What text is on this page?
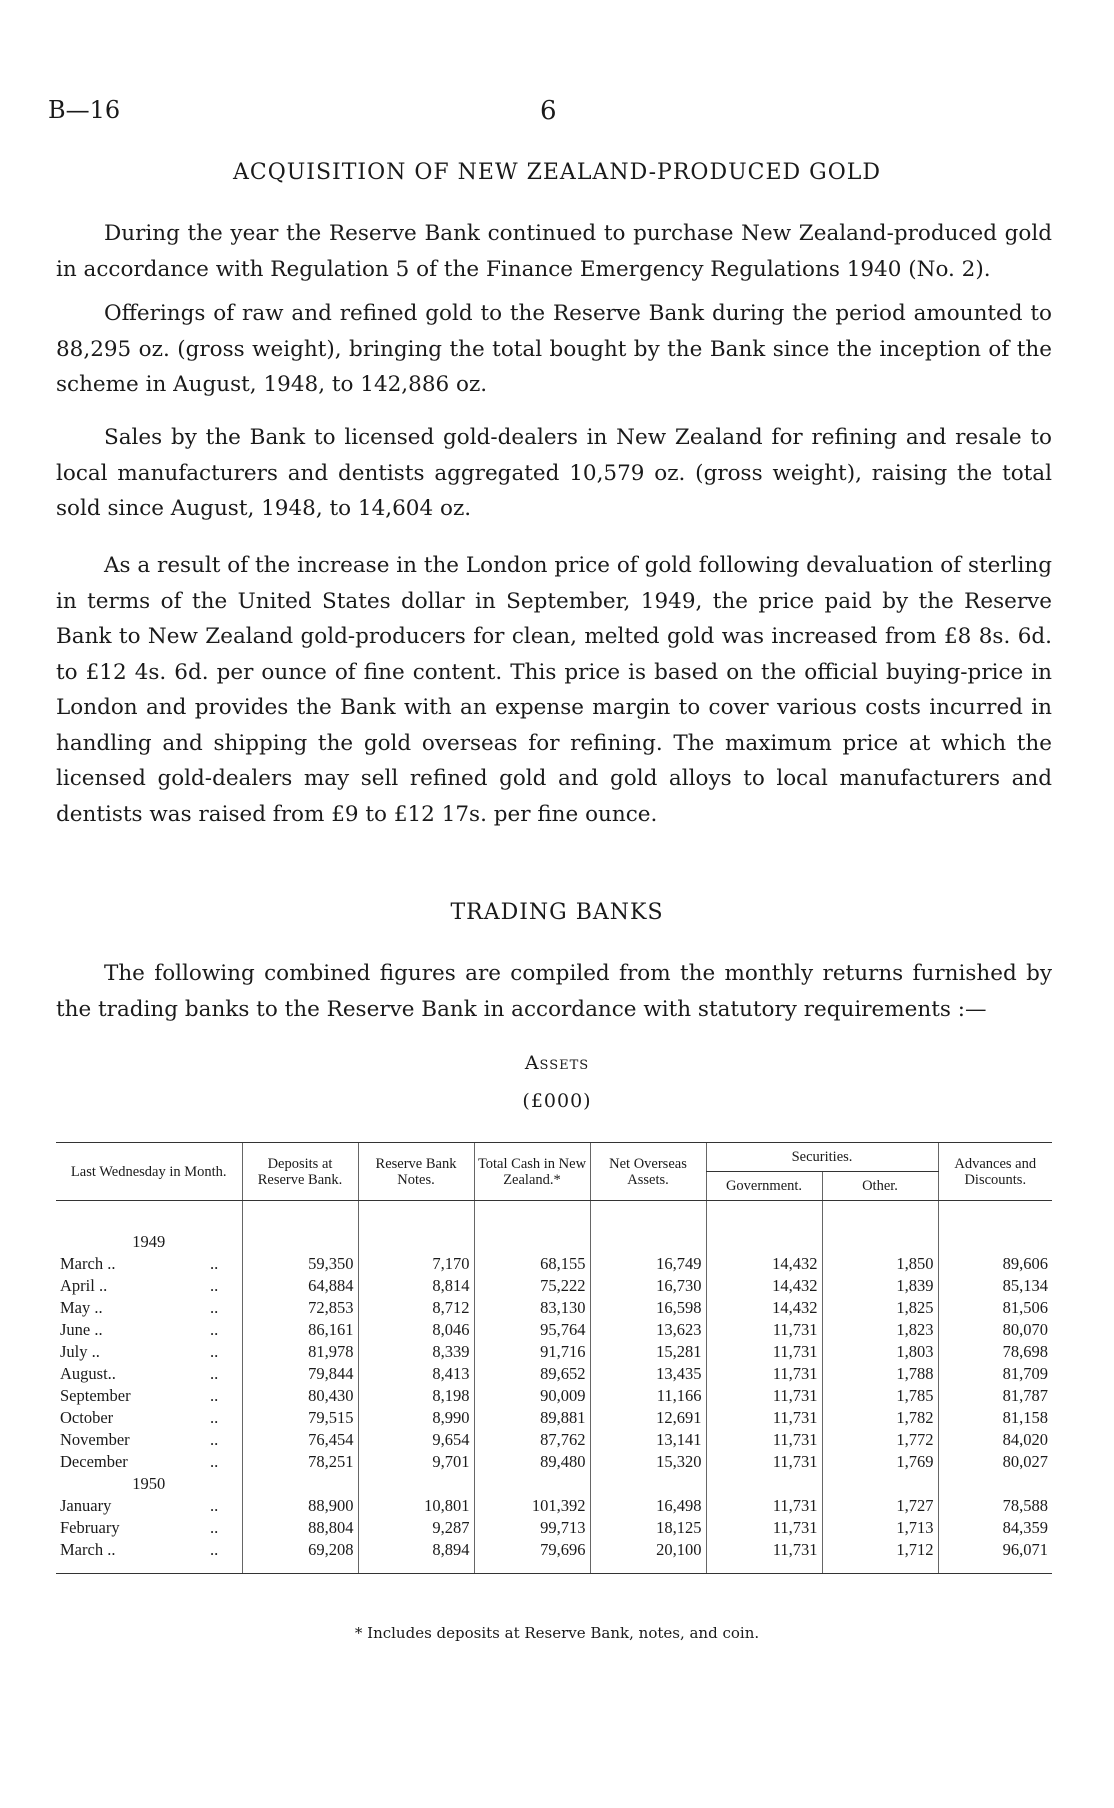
B—16	6
ACQUISITION OF NEW ZEALAND-PRODUCED GOLD

During the year the Reserve Bank continued to purchase New Zealand-produced gold in accordance with Regulation 5 of the Finance Emergency Regulations 1940 (No. 2).

Offerings of raw and refined gold to the Reserve Bank during the period amounted to 88,295 oz. (gross weight), bringing the total bought by the Bank since the inception of the scheme in August, 1948, to 142,886 oz.

Sales by the Bank to licensed gold-dealers in New Zealand for refining and resale to local manufacturers and dentists aggregated 10,579 oz. (gross weight), raising the total sold since August, 1948, to 14,604 oz.

As a result of the increase in the London price of gold following devaluation of sterling in terms of the United States dollar in September, 1949, the price paid by the Reserve Bank to New Zealand gold-producers for clean, melted gold was increased from £8 8s. 6d. to £12 4s. 6d. per ounce of fine content. This price is based on the official buying-price in London and provides the Bank with an expense margin to cover various costs incurred in handling and shipping the gold overseas for refining. The maximum price at which the licensed gold-dealers may sell refined gold and gold alloys to local manufacturers and dentists was raised from £9 to £12 17s. per fine ounce.

TRADING BANKS

The following combined figures are compiled from the monthly returns furnished by the trading banks to the Reserve Bank in accordance with statutory requirements :—

Assets
(£000)
Last Wednesday in Month.		Deposits at Reserve Bank.	Reserve Bank Notes.	Total Cash in New Zealand.*	Net Overseas Assets.	Securities.		Advances and Discounts.
						Government.	Other.	

1949								
March ..	..	59,350	7,170	68,155	16,749	14,432	1,850	89,606
April ..	..	64,884	8,814	75,222	16,730	14,432	1,839	85,134
May ..	..	72,853	8,712	83,130	16,598	14,432	1,825	81,506
June ..	..	86,161	8,046	95,764	13,623	11,731	1,823	80,070
July ..	..	81,978	8,339	91,716	15,281	11,731	1,803	78,698
August..	..	79,844	8,413	89,652	13,435	11,731	1,788	81,709
September	..	80,430	8,198	90,009	11,166	11,731	1,785	81,787
October	..	79,515	8,990	89,881	12,691	11,731	1,782	81,158
November	..	76,454	9,654	87,762	13,141	11,731	1,772	84,020
December	..	78,251	9,701	89,480	15,320	11,731	1,769	80,027
1950								
January	..	88,900	10,801	101,392	16,498	11,731	1,727	78,588
February	..	88,804	9,287	99,713	18,125	11,731	1,713	84,359
March ..	..	69,208	8,894	79,696	20,100	11,731	1,712	96,071
* Includes deposits at Reserve Bank, notes, and coin.
